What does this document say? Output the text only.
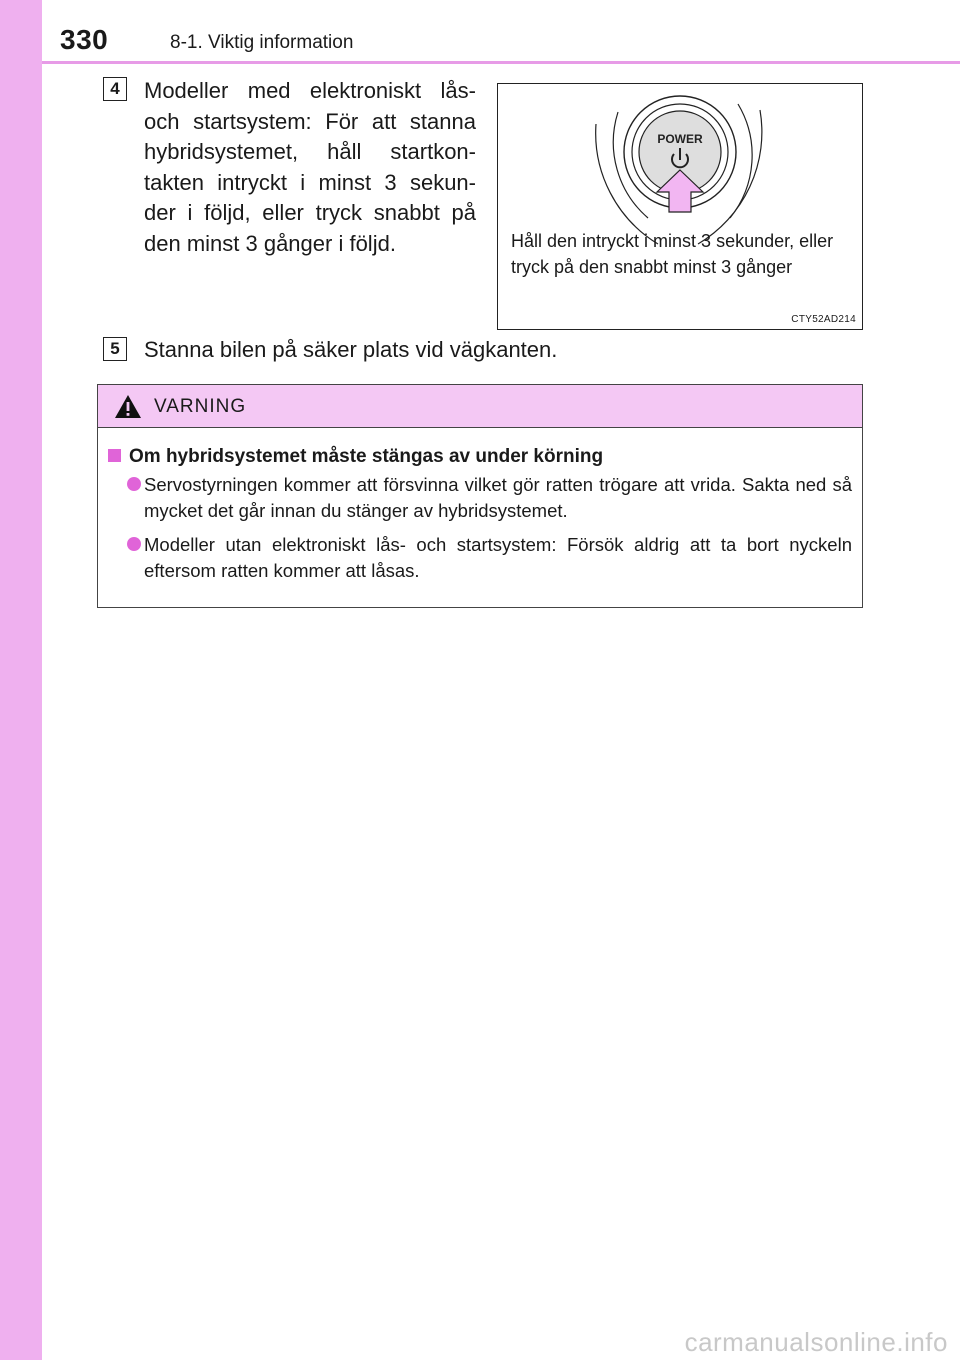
330	8-1. Viktig information
4	Modeller med elektroniskt lås- och startsystem: För att stanna hybridsystemet, håll startkon- takten intryckt i minst 3 sekun- der i följd, eller tryck snabbt på den minst 3 gånger i följd.
POWER
Håll den intryckt i minst 3 sekunder, eller tryck på den snabbt minst 3 gånger
CTY52AD214
5	Stanna bilen på säker plats vid vägkanten.
VARNING
Om hybridsystemet måste stängas av under körning
Servostyrningen kommer att försvinna vilket gör ratten trögare att vrida. Sakta ned så mycket det går innan du stänger av hybridsystemet.
Modeller utan elektroniskt lås- och startsystem: Försök aldrig att ta bort nyckeln eftersom ratten kommer att låsas.
carmanualsonline.info
